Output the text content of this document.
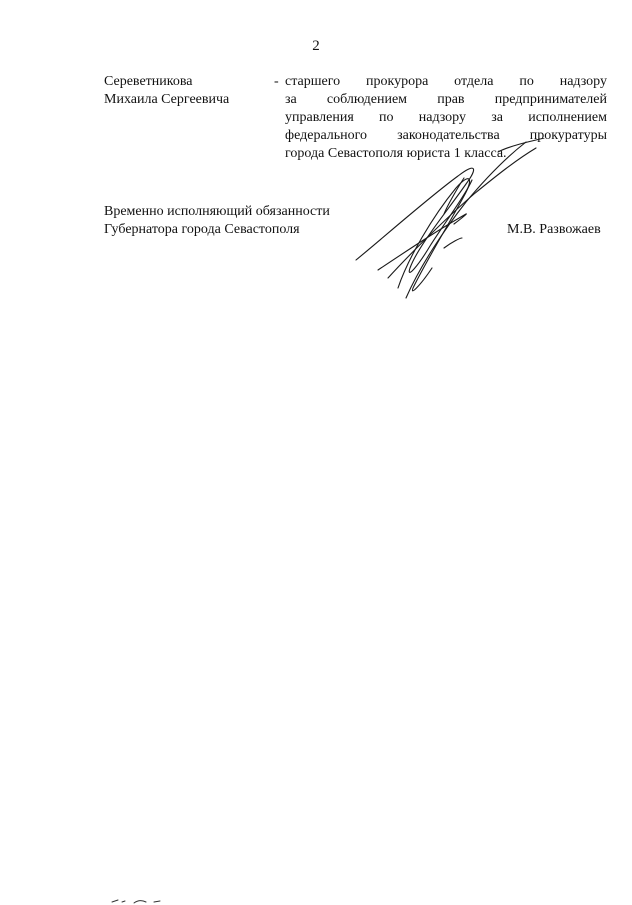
2
Сереветникова
Михаила Сергеевича
- старшего прокурора отдела по надзору
за соблюдением прав предпринимателей
управления по надзору за исполнением
федерального законодательства прокуратуры
города Севастополя юриста 1 класса.
Временно исполняющий обязанности
Губернатора города Севастополя	М.В. Развожаев
